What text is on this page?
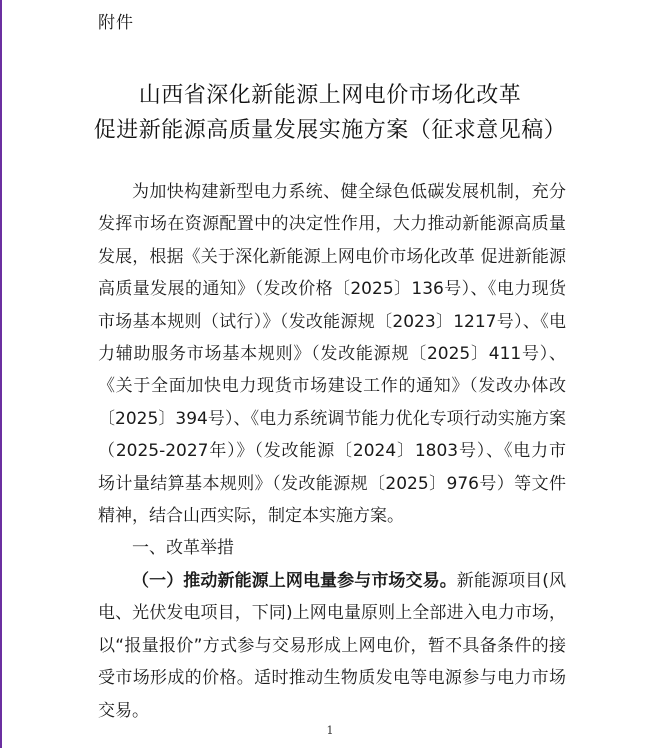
附件
山西省深化新能源上网电价市场化改革
促进新能源高质量发展实施方案（征求意见稿）

为加快构建新型电力系统、健全绿色低碳发展机制，充分发挥市场在资源配置中的决定性作用，大力推动新能源高质量发展，根据《关于深化新能源上网电价市场化改革 促进新能源高质量发展的通知》（发改价格〔2025〕136号）、《电力现货市场基本规则（试行）》（发改能源规〔2023〕1217号）、《电力辅助服务市场基本规则》（发改能源规〔2025〕411号）、《关于全面加快电力现货市场建设工作的通知》（发改办体改〔2025〕394号）、《电力系统调节能力优化专项行动实施方案（2025-2027年）》（发改能源〔2024〕1803号）、《电力市场计量结算基本规则》（发改能源规〔2025〕976号）等文件精神，结合山西实际，制定本实施方案。

一、改革举措

（一）推动新能源上网电量参与市场交易。新能源项目(风电、光伏发电项目，下同)上网电量原则上全部进入电力市场，以“报量报价”方式参与交易形成上网电价，暂不具备条件的接受市场形成的价格。适时推动生物质发电等电源参与电力市场交易。

1
